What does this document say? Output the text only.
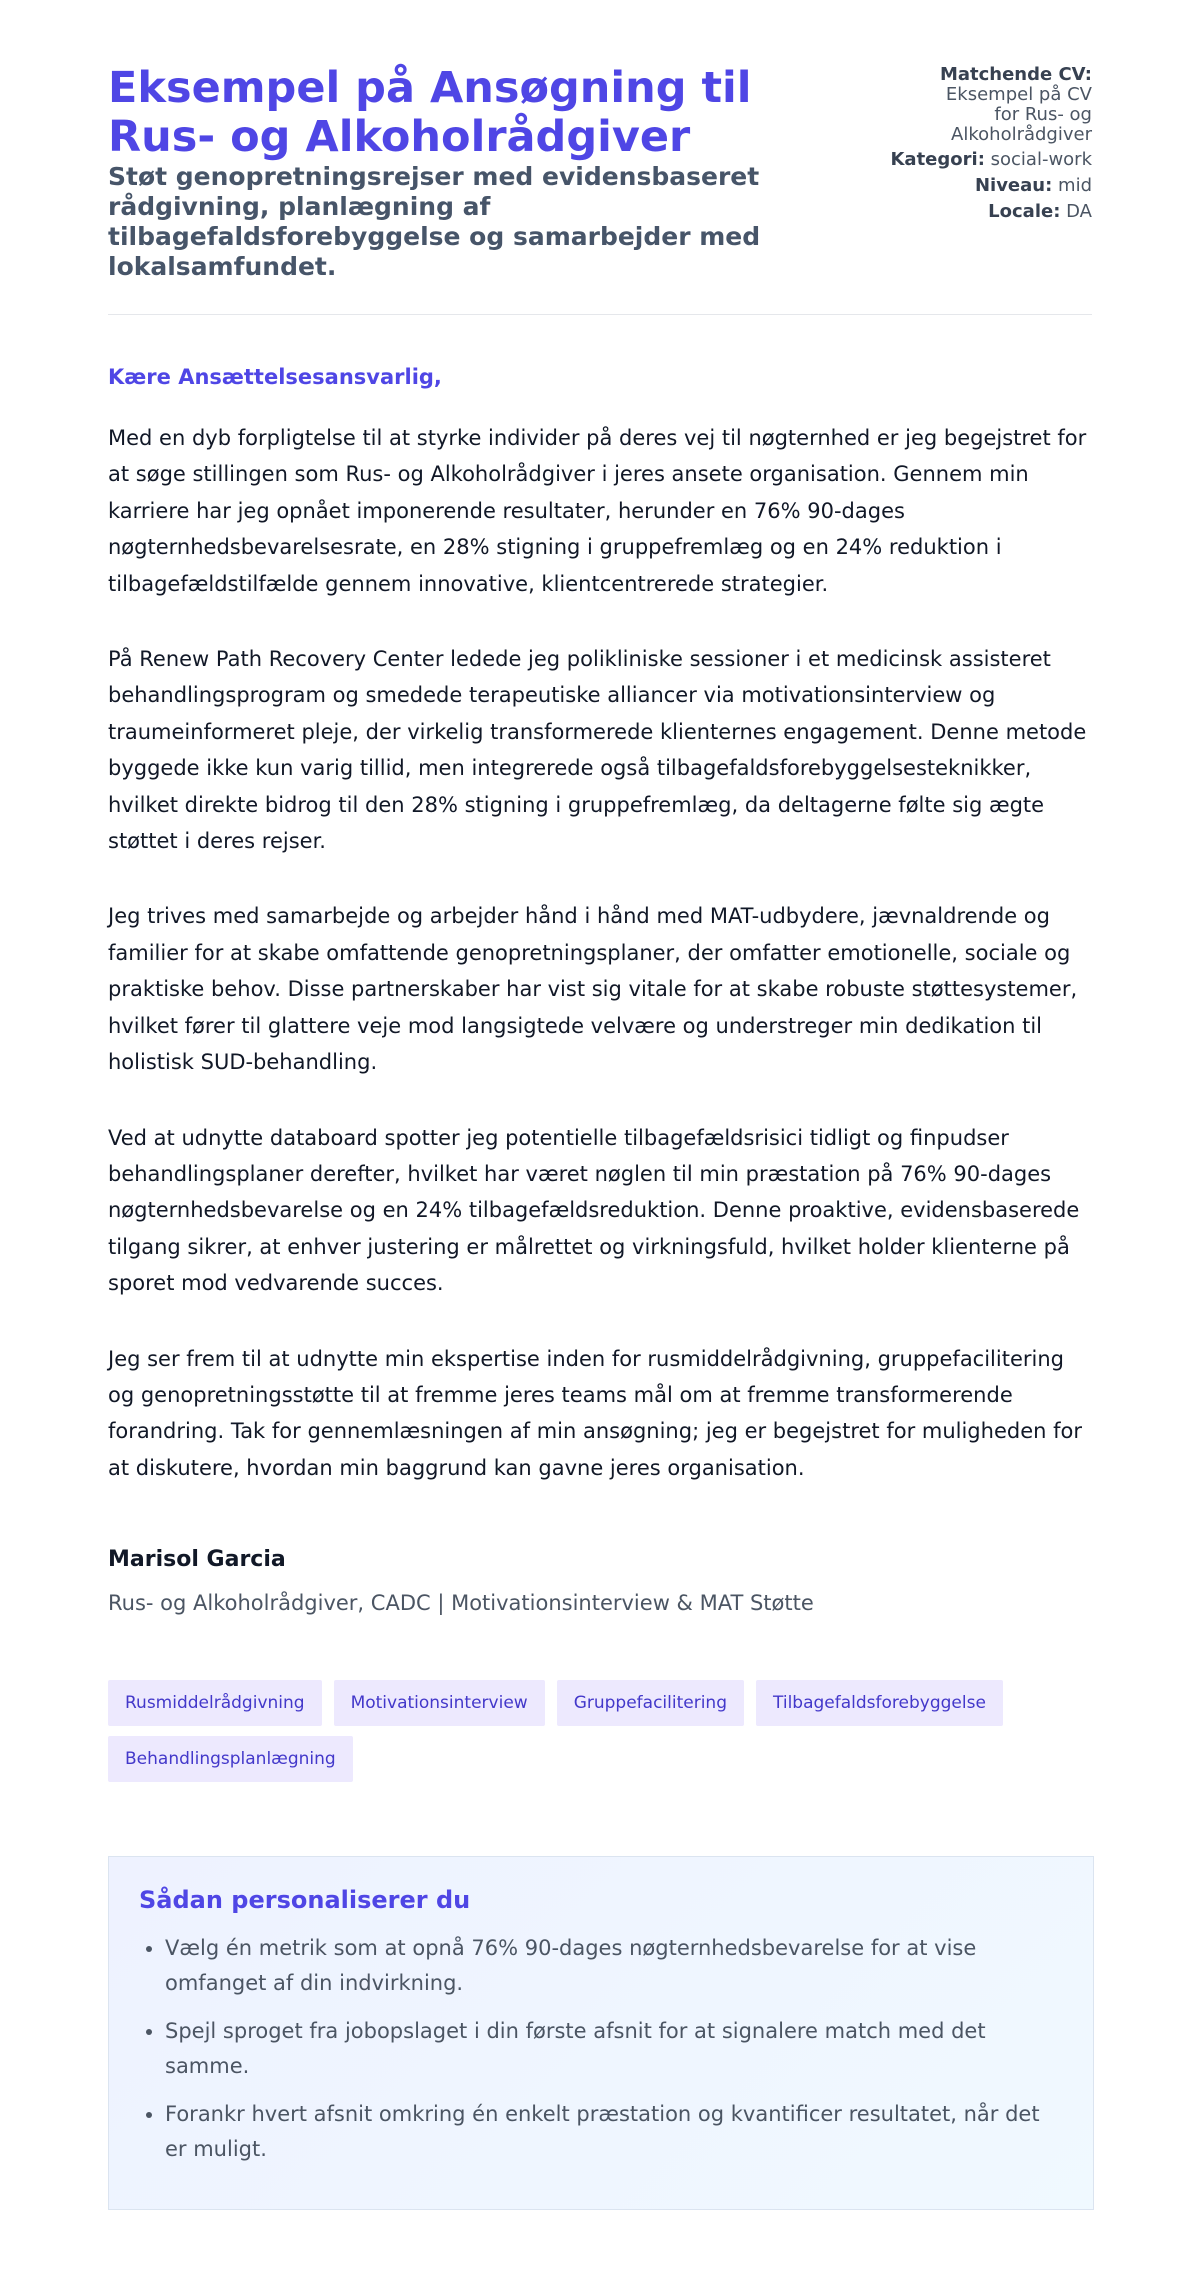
Eksempel på Ansøgning til Rus- og Alkoholrådgiver
Støt genopretningsrejser med evidensbaseret rådgivning, planlægning af tilbagefaldsforebyggelse og samarbejder med lokalsamfundet.
Matchende CV:
Eksempel på CV for Rus- og Alkoholrådgiver
Kategori: social-work
Niveau: mid
Locale: DA

Kære Ansættelsesansvarlig,

Med en dyb forpligtelse til at styrke individer på deres vej til nøgternhed er jeg begejstret for at søge stillingen som Rus- og Alkoholrådgiver i jeres ansete organisation. Gennem min karriere har jeg opnået imponerende resultater, herunder en 76% 90-dages nøgternhedsbevarelsesrate, en 28% stigning i gruppefremlæg og en 24% reduktion i tilbagefældstilfælde gennem innovative, klientcentrerede strategier.

På Renew Path Recovery Center ledede jeg polikliniske sessioner i et medicinsk assisteret behandlingsprogram og smedede terapeutiske alliancer via motivationsinterview og traumeinformeret pleje, der virkelig transformerede klienternes engagement. Denne metode byggede ikke kun varig tillid, men integrerede også tilbagefaldsforebyggelsesteknikker, hvilket direkte bidrog til den 28% stigning i gruppefremlæg, da deltagerne følte sig ægte støttet i deres rejser.

Jeg trives med samarbejde og arbejder hånd i hånd med MAT-udbydere, jævnaldrende og familier for at skabe omfattende genopretningsplaner, der omfatter emotionelle, sociale og praktiske behov. Disse partnerskaber har vist sig vitale for at skabe robuste støttesystemer, hvilket fører til glattere veje mod langsigtede velvære og understreger min dedikation til holistisk SUD-behandling.

Ved at udnytte databoard spotter jeg potentielle tilbagefældsrisici tidligt og finpudser behandlingsplaner derefter, hvilket har været nøglen til min præstation på 76% 90-dages nøgternhedsbevarelse og en 24% tilbagefældsreduktion. Denne proaktive, evidensbaserede tilgang sikrer, at enhver justering er målrettet og virkningsfuld, hvilket holder klienterne på sporet mod vedvarende succes.

Jeg ser frem til at udnytte min ekspertise inden for rusmiddelrådgivning, gruppefacilitering og genopretningsstøtte til at fremme jeres teams mål om at fremme transformerende forandring. Tak for gennemlæsningen af min ansøgning; jeg er begejstret for muligheden for at diskutere, hvordan min baggrund kan gavne jeres organisation.

Marisol Garcia
Rus- og Alkoholrådgiver, CADC | Motivationsinterview & MAT Støtte
Rusmiddelrådgivning	Motivationsinterview	Gruppefacilitering	Tilbagefaldsforebyggelse
Behandlingsplanlægning
Sådan personaliserer du
• Vælg én metrik som at opnå 76% 90-dages nøgternhedsbevarelse for at vise omfanget af din indvirkning.
• Spejl sproget fra jobopslaget i din første afsnit for at signalere match med det samme.
• Forankr hvert afsnit omkring én enkelt præstation og kvantificer resultatet, når det er muligt.
